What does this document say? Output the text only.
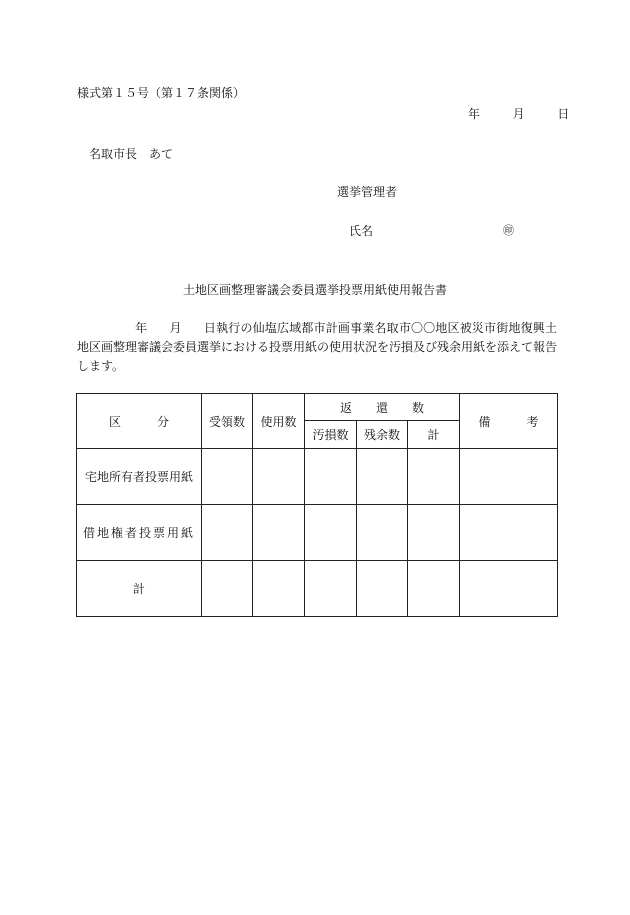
様式第１５号（第１７条関係）
年	月	日
名取市長　あて
選挙管理者
氏名	㊞
土地区画整理審議会委員選挙投票用紙使用報告書
年 月 日執行の仙塩広域都市計画事業名取市〇〇地区被災市街地復興土地区画整理審議会委員選挙における投票用紙の使用状況を汚損及び残余用紙を添えて報告します。
区　　　分	受領数	使用数	返　　還　　数			備　　　考
			汚損数	残余数	計	
宅地所有者投票用紙						
借地権者投票用紙						
計						
